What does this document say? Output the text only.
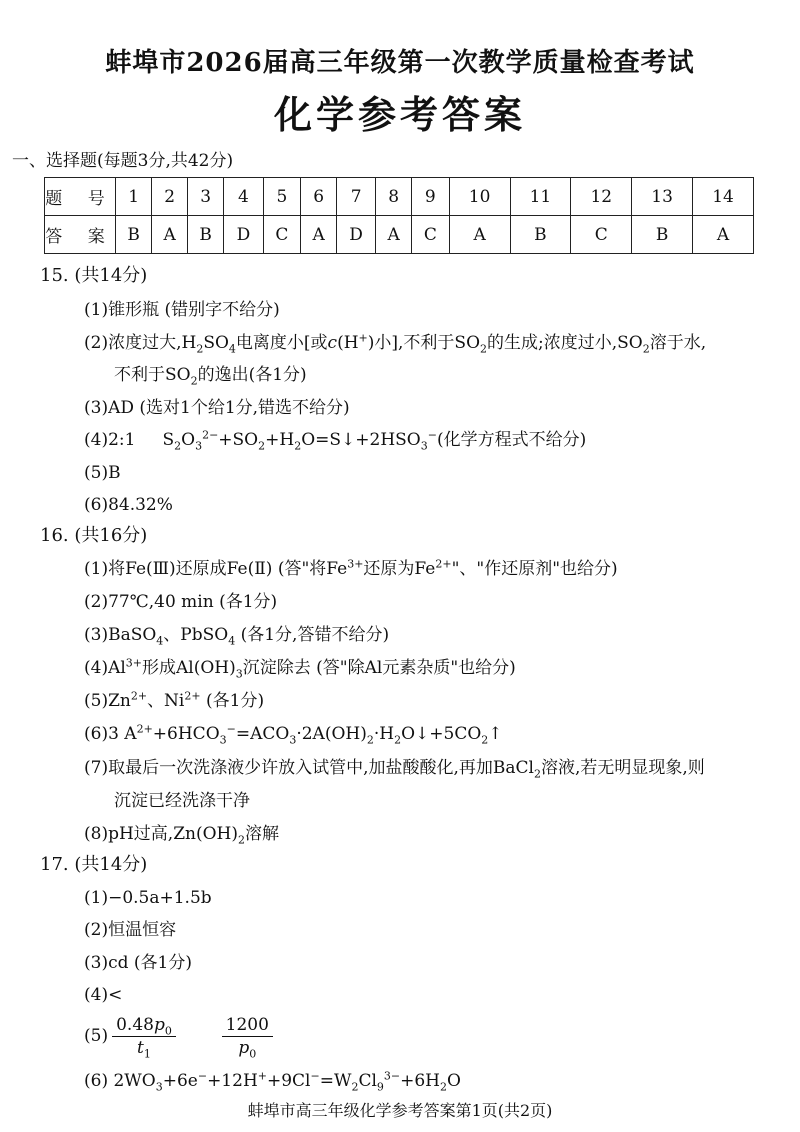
蚌埠市2026届高三年级第一次教学质量检查考试
化学参考答案
一、选择题(每题3分,共42分)
题 号	1	2	3	4	5	6	7	8	9	10	11	12	13	14
答 案	B	A	B	D	C	A	D	A	C	A	B	C	B	A
15. (共14分)
(1)锥形瓶 (错别字不给分)
(2)浓度过大$,H_2SO_4$电离度小[或c(H+)小],不利于$SO_2$的生成;浓度过小$,SO_2$溶于水,
不利于$SO_2$的逸出(各1分)
(3)AD (选对1个给1分,错选不给分)
(4)2:1 $S_2O_3^{2-}+SO_2+H_2O=S↓+2HSO_3^-$(化学方程式不给分)
(5)B
(6)84.32%
16. (共16分)
(1)将Fe(Ⅲ)还原成Fe(Ⅱ) (答"将$Fe^{3+}$还原为$Fe^{2+}$"、"作还原剂"也给分)
(2)77℃,40 min (各1分)
(3)BaSO$_4$、PbSO$_4$ (各1分,答错不给分)
$(4)Al^{3+}$形成$Al(OH)_3$沉淀除去 (答"除Al元素杂质"也给分)
$(5)Zn^{2+}$、$Ni^{2+}$ (各1分)
(6)3 $A^{2+}+6HCO_3^-=ACO_3\cdot 2A(OH)_2\cdot H_2O↓+5CO_2↑$
(7)取最后一次洗涤液少许放入试管中,加盐酸酸化,再加BaCl$_2$溶液,若无明显现象,则
沉淀已经洗涤干净
(8)pH过高$,Zn(OH)_2$溶解
17. (共14分)
(1)−0.5a+1.5b
(2)恒温恒容
(3)cd (各1分)
(4)<
$(5) \frac{0.48p_0}{t_1}$
	$\frac{1200}{p_0}$
(6) $2WO_3+6e^-+12H^++9Cl^-=W_2Cl_9^{3-}+6H_2O$
蚌埠市高三年级化学参考答案第1页(共2页)
